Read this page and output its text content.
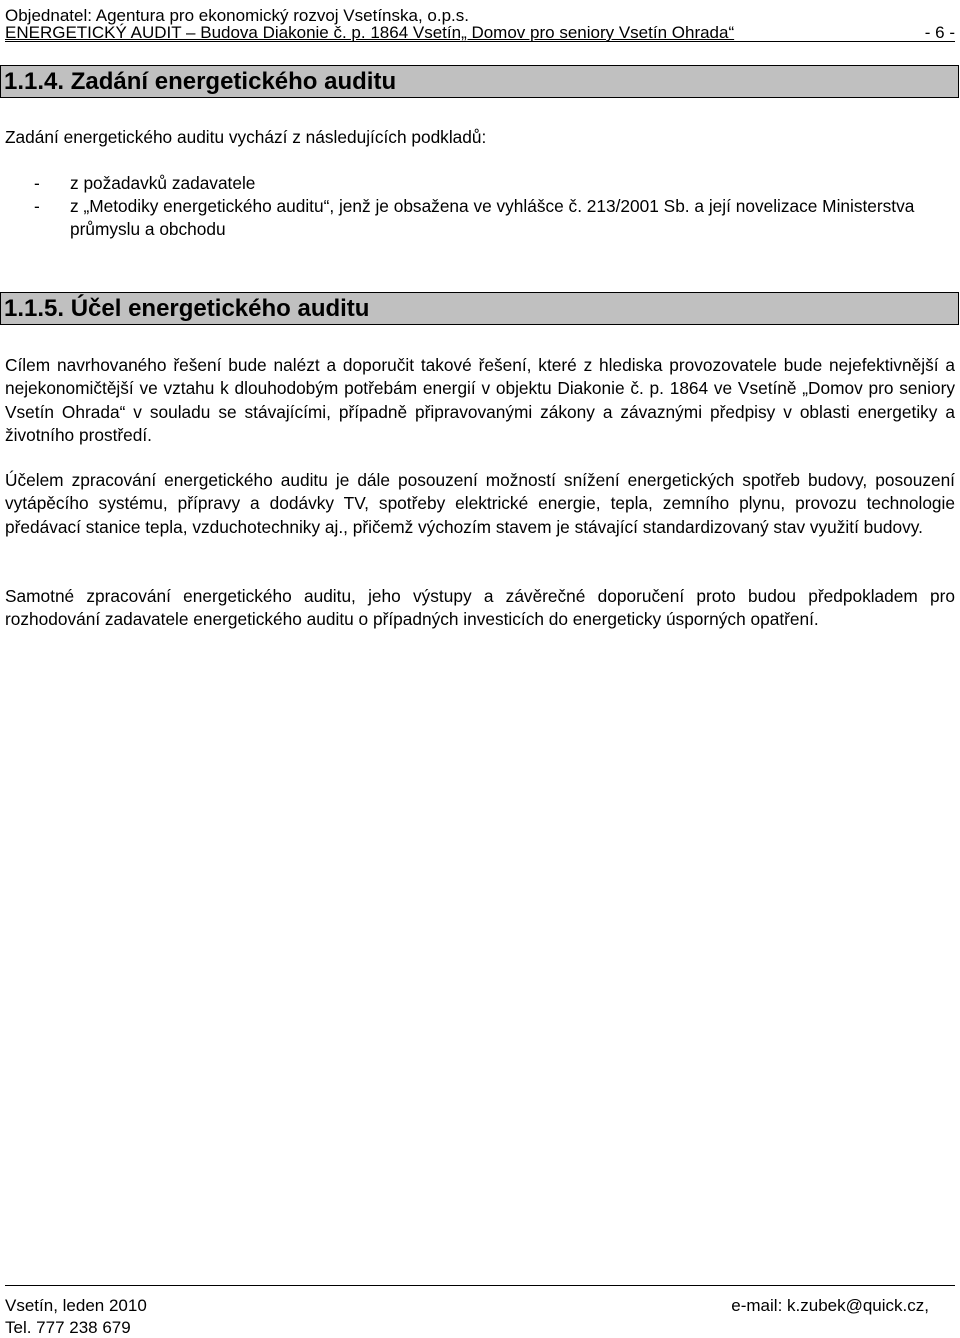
Objednatel: Agentura pro ekonomický rozvoj Vsetínska, o.p.s.
ENERGETICKÝ AUDIT – Budova Diakonie č. p. 1864 Vsetín„ Domov pro seniory Vsetín Ohrada“	- 6 -
1.1.4. Zadání energetického auditu

Zadání energetického auditu vychází z následujících podkladů:

- z požadavků zadavatele
- z „Metodiky energetického auditu“, jenž je obsažena ve vyhlášce č. 213/2001 Sb. a její novelizace Ministerstva průmyslu a obchodu
1.1.5. Účel energetického auditu

Cílem navrhovaného řešení bude nalézt a doporučit takové řešení, které z hlediska provozovatele bude nejefektivnější a nejekonomičtější ve vztahu k dlouhodobým potřebám energií v objektu Diakonie č. p. 1864 ve Vsetíně „Domov pro seniory Vsetín Ohrada“ v souladu se stávajícími, případně připravovanými zákony a závaznými předpisy v oblasti energetiky a životního prostředí.

Účelem zpracování energetického auditu je dále posouzení možností snížení energetických spotřeb budovy, posouzení vytápěcího systému, přípravy a dodávky TV, spotřeby elektrické energie, tepla, zemního plynu, provozu technologie předávací stanice tepla, vzduchotechniky aj., přičemž výchozím stavem je stávající standardizovaný stav využití budovy.

Samotné zpracování energetického auditu, jeho výstupy a závěrečné doporučení proto budou předpokladem pro rozhodování zadavatele energetického auditu o případných investicích do energeticky úsporných opatření.

Vsetín, leden 2010	e-mail: k.zubek@quick.cz,
Tel. 777 238 679
